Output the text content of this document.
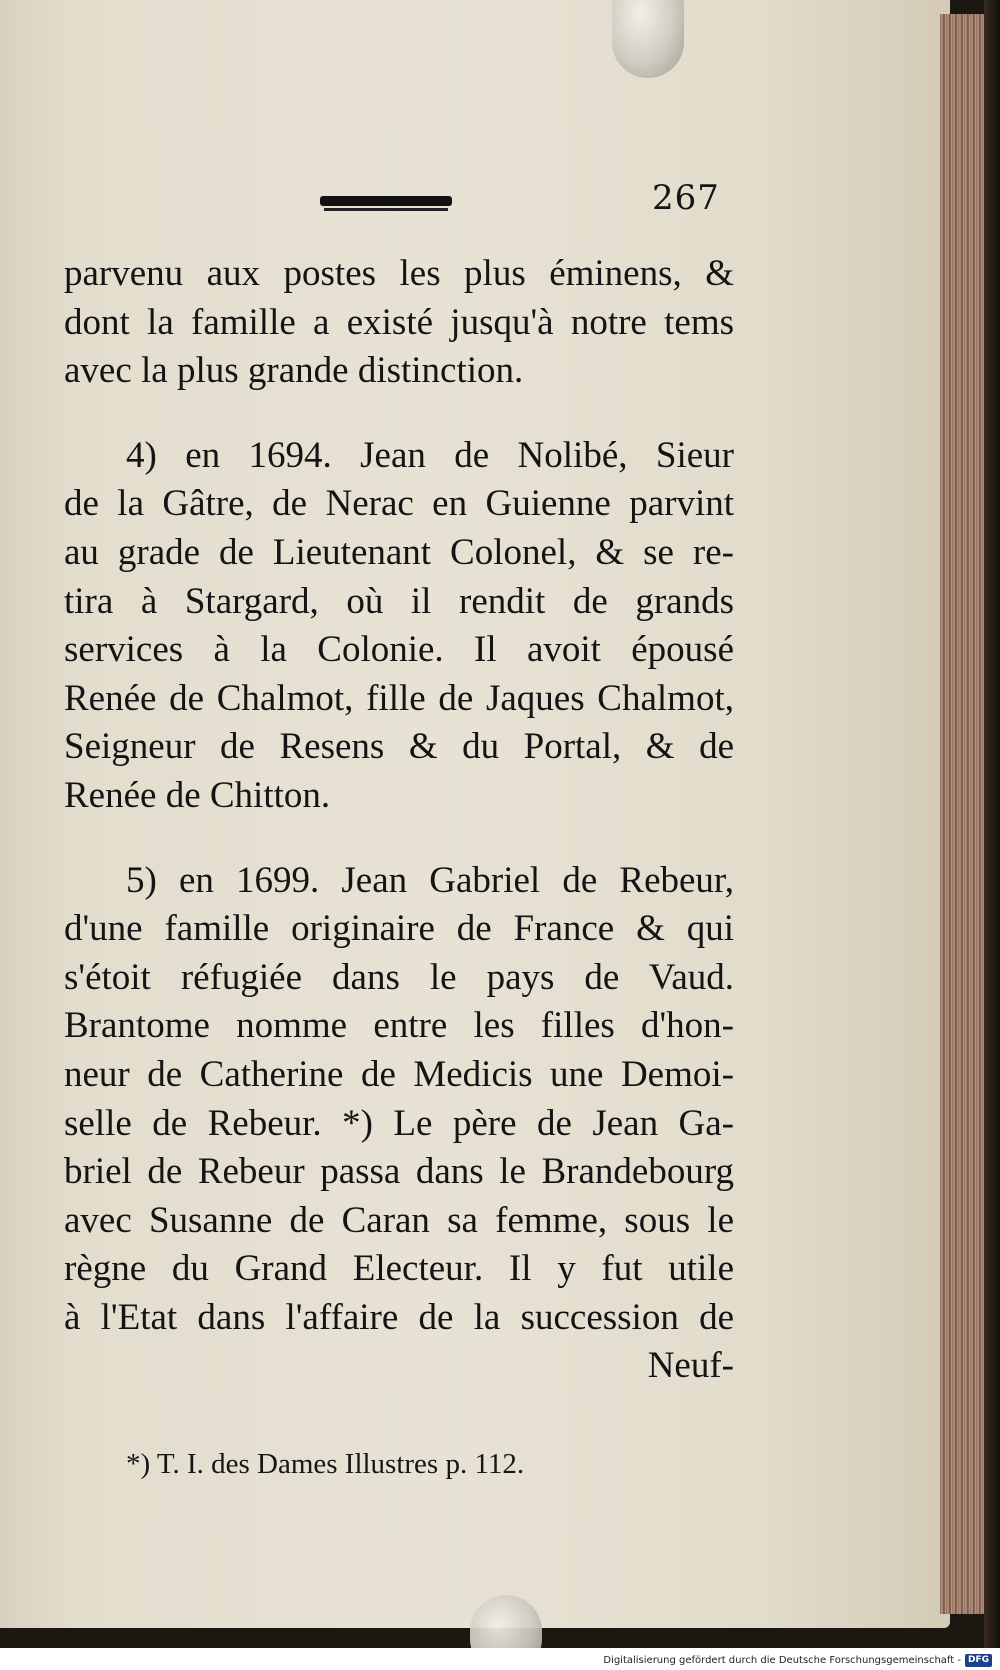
267
parvenu aux postes les plus éminens, &
dont la famille a existé jusqu'à notre tems
avec la plus grande distinction.
4) en 1694. Jean de Nolibé, Sieur
de la Gâtre, de Nerac en Guienne parvint
au grade de Lieutenant Colonel, & se re-
tira à Stargard, où il rendit de grands
services à la Colonie. Il avoit épousé
Renée de Chalmot, fille de Jaques Chalmot,
Seigneur de Resens & du Portal, & de
Renée de Chitton.
5) en 1699. Jean Gabriel de Rebeur,
d'une famille originaire de France & qui
s'étoit réfugiée dans le pays de Vaud.
Brantome nomme entre les filles d'hon-
neur de Catherine de Medicis une Demoi-
selle de Rebeur. *) Le père de Jean Ga-
briel de Rebeur passa dans le Brandebourg
avec Susanne de Caran sa femme, sous le
règne du Grand Electeur. Il y fut utile
à l'Etat dans l'affaire de la succession de
Neuf-
*) T. I. des Dames Illustres p. 112.
Digitalisierung gefördert durch die Deutsche Forschungsgemeinschaft - DFG
